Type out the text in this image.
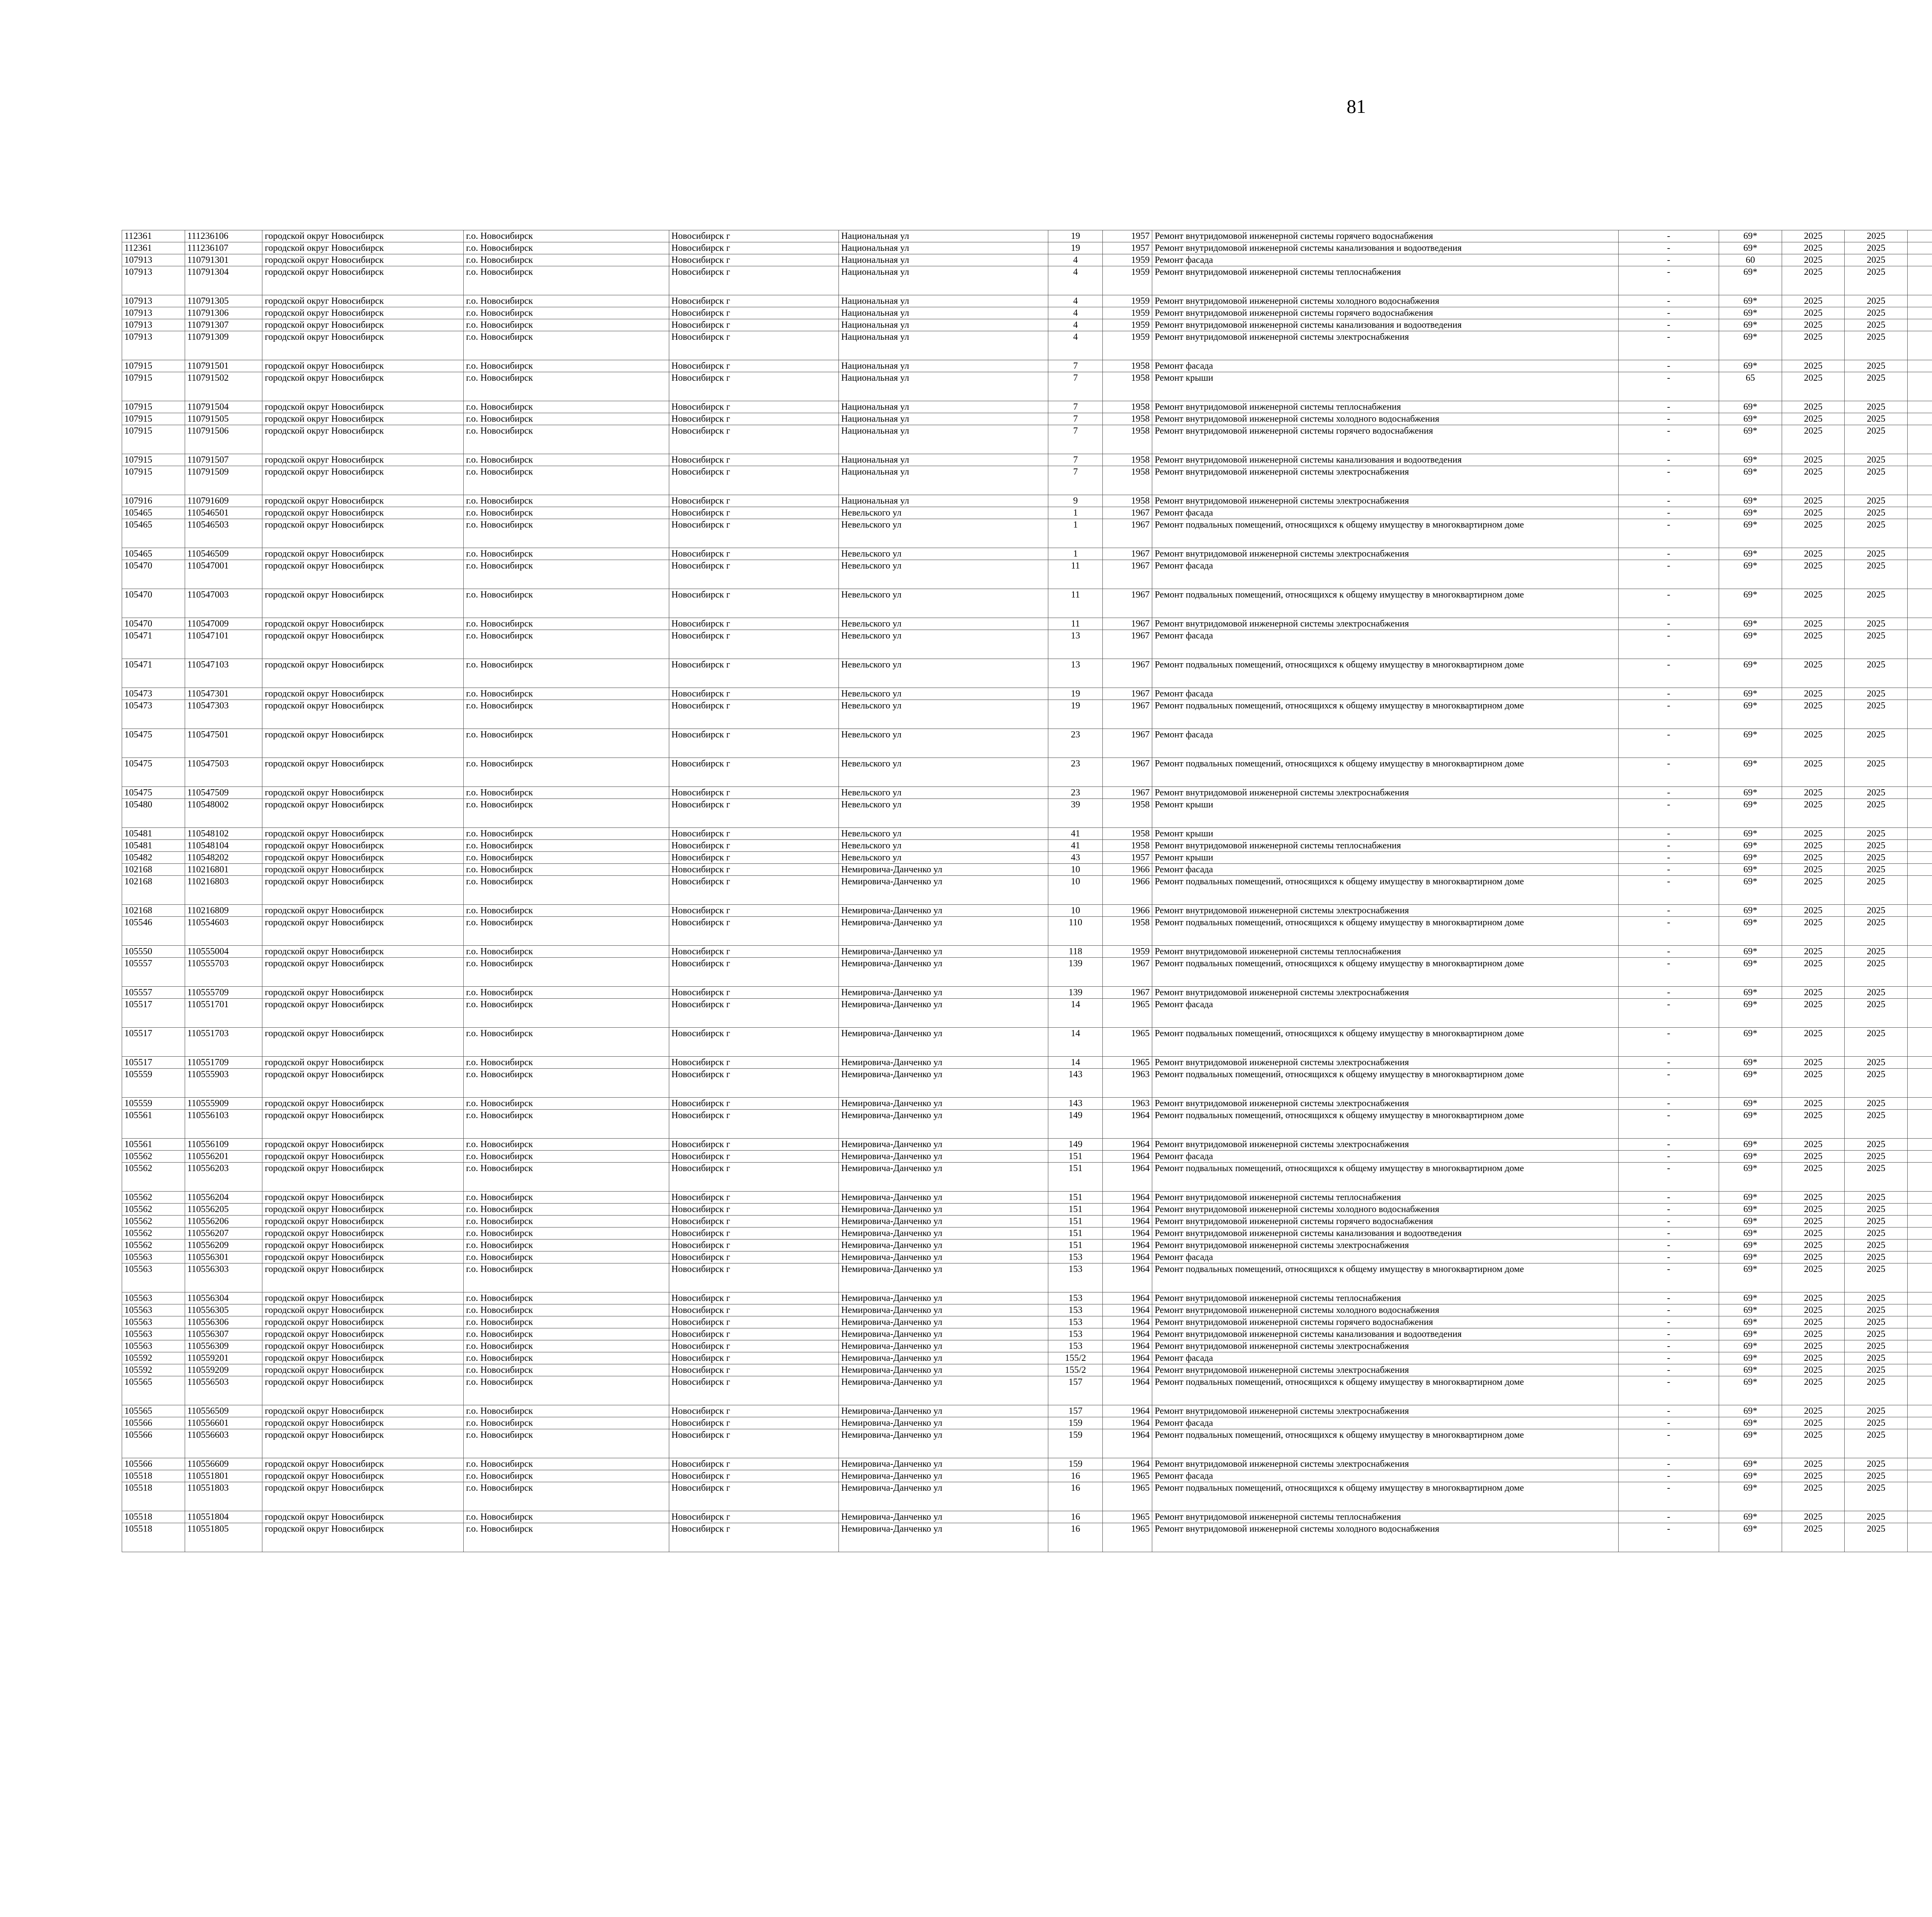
81
112361	111236106	городской округ Новосибирск	г.о. Новосибирск	Новосибирск г	Национальная ул	19	1957	Ремонт внутридомовой инженерной системы горячего водоснабжения	-	69*	2025	2025							
112361	111236107	городской округ Новосибирск	г.о. Новосибирск	Новосибирск г	Национальная ул	19	1957	Ремонт внутридомовой инженерной системы канализования и водоотведения	-	69*	2025	2025							
107913	110791301	городской округ Новосибирск	г.о. Новосибирск	Новосибирск г	Национальная ул	4	1959	Ремонт фасада	-	60	2025	2025							
107913	110791304	городской округ Новосибирск	г.о. Новосибирск	Новосибирск г	Национальная ул	4	1959	Ремонт внутридомовой инженерной системы теплоснабжения	-	69*	2025	2025							
107913	110791305	городской округ Новосибирск	г.о. Новосибирск	Новосибирск г	Национальная ул	4	1959	Ремонт внутридомовой инженерной системы холодного водоснабжения	-	69*	2025	2025							
107913	110791306	городской округ Новосибирск	г.о. Новосибирск	Новосибирск г	Национальная ул	4	1959	Ремонт внутридомовой инженерной системы горячего водоснабжения	-	69*	2025	2025							
107913	110791307	городской округ Новосибирск	г.о. Новосибирск	Новосибирск г	Национальная ул	4	1959	Ремонт внутридомовой инженерной системы канализования и водоотведения	-	69*	2025	2025							
107913	110791309	городской округ Новосибирск	г.о. Новосибирск	Новосибирск г	Национальная ул	4	1959	Ремонт внутридомовой инженерной системы электроснабжения	-	69*	2025	2025							
107915	110791501	городской округ Новосибирск	г.о. Новосибирск	Новосибирск г	Национальная ул	7	1958	Ремонт фасада	-	69*	2025	2025							
107915	110791502	городской округ Новосибирск	г.о. Новосибирск	Новосибирск г	Национальная ул	7	1958	Ремонт крыши	-	65	2025	2025							
107915	110791504	городской округ Новосибирск	г.о. Новосибирск	Новосибирск г	Национальная ул	7	1958	Ремонт внутридомовой инженерной системы теплоснабжения	-	69*	2025	2025							
107915	110791505	городской округ Новосибирск	г.о. Новосибирск	Новосибирск г	Национальная ул	7	1958	Ремонт внутридомовой инженерной системы холодного водоснабжения	-	69*	2025	2025							
107915	110791506	городской округ Новосибирск	г.о. Новосибирск	Новосибирск г	Национальная ул	7	1958	Ремонт внутридомовой инженерной системы горячего водоснабжения	-	69*	2025	2025							
107915	110791507	городской округ Новосибирск	г.о. Новосибирск	Новосибирск г	Национальная ул	7	1958	Ремонт внутридомовой инженерной системы канализования и водоотведения	-	69*	2025	2025							
107915	110791509	городской округ Новосибирск	г.о. Новосибирск	Новосибирск г	Национальная ул	7	1958	Ремонт внутридомовой инженерной системы электроснабжения	-	69*	2025	2025							
107916	110791609	городской округ Новосибирск	г.о. Новосибирск	Новосибирск г	Национальная ул	9	1958	Ремонт внутридомовой инженерной системы электроснабжения	-	69*	2025	2025							
105465	110546501	городской округ Новосибирск	г.о. Новосибирск	Новосибирск г	Невельского ул	1	1967	Ремонт фасада	-	69*	2025	2025							
105465	110546503	городской округ Новосибирск	г.о. Новосибирск	Новосибирск г	Невельского ул	1	1967	Ремонт подвальных помещений, относящихся к общему имуществу в многоквартирном доме	-	69*	2025	2025							
105465	110546509	городской округ Новосибирск	г.о. Новосибирск	Новосибирск г	Невельского ул	1	1967	Ремонт внутридомовой инженерной системы электроснабжения	-	69*	2025	2025							
105470	110547001	городской округ Новосибирск	г.о. Новосибирск	Новосибирск г	Невельского ул	11	1967	Ремонт фасада	-	69*	2025	2025							
105470	110547003	городской округ Новосибирск	г.о. Новосибирск	Новосибирск г	Невельского ул	11	1967	Ремонт подвальных помещений, относящихся к общему имуществу в многоквартирном доме	-	69*	2025	2025							
105470	110547009	городской округ Новосибирск	г.о. Новосибирск	Новосибирск г	Невельского ул	11	1967	Ремонт внутридомовой инженерной системы электроснабжения	-	69*	2025	2025							
105471	110547101	городской округ Новосибирск	г.о. Новосибирск	Новосибирск г	Невельского ул	13	1967	Ремонт фасада	-	69*	2025	2025							
105471	110547103	городской округ Новосибирск	г.о. Новосибирск	Новосибирск г	Невельского ул	13	1967	Ремонт подвальных помещений, относящихся к общему имуществу в многоквартирном доме	-	69*	2025	2025							
105473	110547301	городской округ Новосибирск	г.о. Новосибирск	Новосибирск г	Невельского ул	19	1967	Ремонт фасада	-	69*	2025	2025							
105473	110547303	городской округ Новосибирск	г.о. Новосибирск	Новосибирск г	Невельского ул	19	1967	Ремонт подвальных помещений, относящихся к общему имуществу в многоквартирном доме	-	69*	2025	2025							
105475	110547501	городской округ Новосибирск	г.о. Новосибирск	Новосибирск г	Невельского ул	23	1967	Ремонт фасада	-	69*	2025	2025							
105475	110547503	городской округ Новосибирск	г.о. Новосибирск	Новосибирск г	Невельского ул	23	1967	Ремонт подвальных помещений, относящихся к общему имуществу в многоквартирном доме	-	69*	2025	2025							
105475	110547509	городской округ Новосибирск	г.о. Новосибирск	Новосибирск г	Невельского ул	23	1967	Ремонт внутридомовой инженерной системы электроснабжения	-	69*	2025	2025							
105480	110548002	городской округ Новосибирск	г.о. Новосибирск	Новосибирск г	Невельского ул	39	1958	Ремонт крыши	-	69*	2025	2025							
105481	110548102	городской округ Новосибирск	г.о. Новосибирск	Новосибирск г	Невельского ул	41	1958	Ремонт крыши	-	69*	2025	2025							
105481	110548104	городской округ Новосибирск	г.о. Новосибирск	Новосибирск г	Невельского ул	41	1958	Ремонт внутридомовой инженерной системы теплоснабжения	-	69*	2025	2025							
105482	110548202	городской округ Новосибирск	г.о. Новосибирск	Новосибирск г	Невельского ул	43	1957	Ремонт крыши	-	69*	2025	2025							
102168	110216801	городской округ Новосибирск	г.о. Новосибирск	Новосибирск г	Немировича-Данченко ул	10	1966	Ремонт фасада	-	69*	2025	2025							
102168	110216803	городской округ Новосибирск	г.о. Новосибирск	Новосибирск г	Немировича-Данченко ул	10	1966	Ремонт подвальных помещений, относящихся к общему имуществу в многоквартирном доме	-	69*	2025	2025							
102168	110216809	городской округ Новосибирск	г.о. Новосибирск	Новосибирск г	Немировича-Данченко ул	10	1966	Ремонт внутридомовой инженерной системы электроснабжения	-	69*	2025	2025							
105546	110554603	городской округ Новосибирск	г.о. Новосибирск	Новосибирск г	Немировича-Данченко ул	110	1958	Ремонт подвальных помещений, относящихся к общему имуществу в многоквартирном доме	-	69*	2025	2025							
105550	110555004	городской округ Новосибирск	г.о. Новосибирск	Новосибирск г	Немировича-Данченко ул	118	1959	Ремонт внутридомовой инженерной системы теплоснабжения	-	69*	2025	2025							
105557	110555703	городской округ Новосибирск	г.о. Новосибирск	Новосибирск г	Немировича-Данченко ул	139	1967	Ремонт подвальных помещений, относящихся к общему имуществу в многоквартирном доме	-	69*	2025	2025							
105557	110555709	городской округ Новосибирск	г.о. Новосибирск	Новосибирск г	Немировича-Данченко ул	139	1967	Ремонт внутридомовой инженерной системы электроснабжения	-	69*	2025	2025							
105517	110551701	городской округ Новосибирск	г.о. Новосибирск	Новосибирск г	Немировича-Данченко ул	14	1965	Ремонт фасада	-	69*	2025	2025							
105517	110551703	городской округ Новосибирск	г.о. Новосибирск	Новосибирск г	Немировича-Данченко ул	14	1965	Ремонт подвальных помещений, относящихся к общему имуществу в многоквартирном доме	-	69*	2025	2025							
105517	110551709	городской округ Новосибирск	г.о. Новосибирск	Новосибирск г	Немировича-Данченко ул	14	1965	Ремонт внутридомовой инженерной системы электроснабжения	-	69*	2025	2025							
105559	110555903	городской округ Новосибирск	г.о. Новосибирск	Новосибирск г	Немировича-Данченко ул	143	1963	Ремонт подвальных помещений, относящихся к общему имуществу в многоквартирном доме	-	69*	2025	2025							
105559	110555909	городской округ Новосибирск	г.о. Новосибирск	Новосибирск г	Немировича-Данченко ул	143	1963	Ремонт внутридомовой инженерной системы электроснабжения	-	69*	2025	2025							
105561	110556103	городской округ Новосибирск	г.о. Новосибирск	Новосибирск г	Немировича-Данченко ул	149	1964	Ремонт подвальных помещений, относящихся к общему имуществу в многоквартирном доме	-	69*	2025	2025							
105561	110556109	городской округ Новосибирск	г.о. Новосибирск	Новосибирск г	Немировича-Данченко ул	149	1964	Ремонт внутридомовой инженерной системы электроснабжения	-	69*	2025	2025							
105562	110556201	городской округ Новосибирск	г.о. Новосибирск	Новосибирск г	Немировича-Данченко ул	151	1964	Ремонт фасада	-	69*	2025	2025							
105562	110556203	городской округ Новосибирск	г.о. Новосибирск	Новосибирск г	Немировича-Данченко ул	151	1964	Ремонт подвальных помещений, относящихся к общему имуществу в многоквартирном доме	-	69*	2025	2025							
105562	110556204	городской округ Новосибирск	г.о. Новосибирск	Новосибирск г	Немировича-Данченко ул	151	1964	Ремонт внутридомовой инженерной системы теплоснабжения	-	69*	2025	2025							
105562	110556205	городской округ Новосибирск	г.о. Новосибирск	Новосибирск г	Немировича-Данченко ул	151	1964	Ремонт внутридомовой инженерной системы холодного водоснабжения	-	69*	2025	2025							
105562	110556206	городской округ Новосибирск	г.о. Новосибирск	Новосибирск г	Немировича-Данченко ул	151	1964	Ремонт внутридомовой инженерной системы горячего водоснабжения	-	69*	2025	2025							
105562	110556207	городской округ Новосибирск	г.о. Новосибирск	Новосибирск г	Немировича-Данченко ул	151	1964	Ремонт внутридомовой инженерной системы канализования и водоотведения	-	69*	2025	2025							
105562	110556209	городской округ Новосибирск	г.о. Новосибирск	Новосибирск г	Немировича-Данченко ул	151	1964	Ремонт внутридомовой инженерной системы электроснабжения	-	69*	2025	2025							
105563	110556301	городской округ Новосибирск	г.о. Новосибирск	Новосибирск г	Немировича-Данченко ул	153	1964	Ремонт фасада	-	69*	2025	2025							
105563	110556303	городской округ Новосибирск	г.о. Новосибирск	Новосибирск г	Немировича-Данченко ул	153	1964	Ремонт подвальных помещений, относящихся к общему имуществу в многоквартирном доме	-	69*	2025	2025							
105563	110556304	городской округ Новосибирск	г.о. Новосибирск	Новосибирск г	Немировича-Данченко ул	153	1964	Ремонт внутридомовой инженерной системы теплоснабжения	-	69*	2025	2025							
105563	110556305	городской округ Новосибирск	г.о. Новосибирск	Новосибирск г	Немировича-Данченко ул	153	1964	Ремонт внутридомовой инженерной системы холодного водоснабжения	-	69*	2025	2025							
105563	110556306	городской округ Новосибирск	г.о. Новосибирск	Новосибирск г	Немировича-Данченко ул	153	1964	Ремонт внутридомовой инженерной системы горячего водоснабжения	-	69*	2025	2025							
105563	110556307	городской округ Новосибирск	г.о. Новосибирск	Новосибирск г	Немировича-Данченко ул	153	1964	Ремонт внутридомовой инженерной системы канализования и водоотведения	-	69*	2025	2025							
105563	110556309	городской округ Новосибирск	г.о. Новосибирск	Новосибирск г	Немировича-Данченко ул	153	1964	Ремонт внутридомовой инженерной системы электроснабжения	-	69*	2025	2025							
105592	110559201	городской округ Новосибирск	г.о. Новосибирск	Новосибирск г	Немировича-Данченко ул	155/2	1964	Ремонт фасада	-	69*	2025	2025							
105592	110559209	городской округ Новосибирск	г.о. Новосибирск	Новосибирск г	Немировича-Данченко ул	155/2	1964	Ремонт внутридомовой инженерной системы электроснабжения	-	69*	2025	2025							
105565	110556503	городской округ Новосибирск	г.о. Новосибирск	Новосибирск г	Немировича-Данченко ул	157	1964	Ремонт подвальных помещений, относящихся к общему имуществу в многоквартирном доме	-	69*	2025	2025							
105565	110556509	городской округ Новосибирск	г.о. Новосибирск	Новосибирск г	Немировича-Данченко ул	157	1964	Ремонт внутридомовой инженерной системы электроснабжения	-	69*	2025	2025							
105566	110556601	городской округ Новосибирск	г.о. Новосибирск	Новосибирск г	Немировича-Данченко ул	159	1964	Ремонт фасада	-	69*	2025	2025							
105566	110556603	городской округ Новосибирск	г.о. Новосибирск	Новосибирск г	Немировича-Данченко ул	159	1964	Ремонт подвальных помещений, относящихся к общему имуществу в многоквартирном доме	-	69*	2025	2025							
105566	110556609	городской округ Новосибирск	г.о. Новосибирск	Новосибирск г	Немировича-Данченко ул	159	1964	Ремонт внутридомовой инженерной системы электроснабжения	-	69*	2025	2025							
105518	110551801	городской округ Новосибирск	г.о. Новосибирск	Новосибирск г	Немировича-Данченко ул	16	1965	Ремонт фасада	-	69*	2025	2025							
105518	110551803	городской округ Новосибирск	г.о. Новосибирск	Новосибирск г	Немировича-Данченко ул	16	1965	Ремонт подвальных помещений, относящихся к общему имуществу в многоквартирном доме	-	69*	2025	2025							
105518	110551804	городской округ Новосибирск	г.о. Новосибирск	Новосибирск г	Немировича-Данченко ул	16	1965	Ремонт внутридомовой инженерной системы теплоснабжения	-	69*	2025	2025							
105518	110551805	городской округ Новосибирск	г.о. Новосибирск	Новосибирск г	Немировича-Данченко ул	16	1965	Ремонт внутридомовой инженерной системы холодного водоснабжения	-	69*	2025	2025							
